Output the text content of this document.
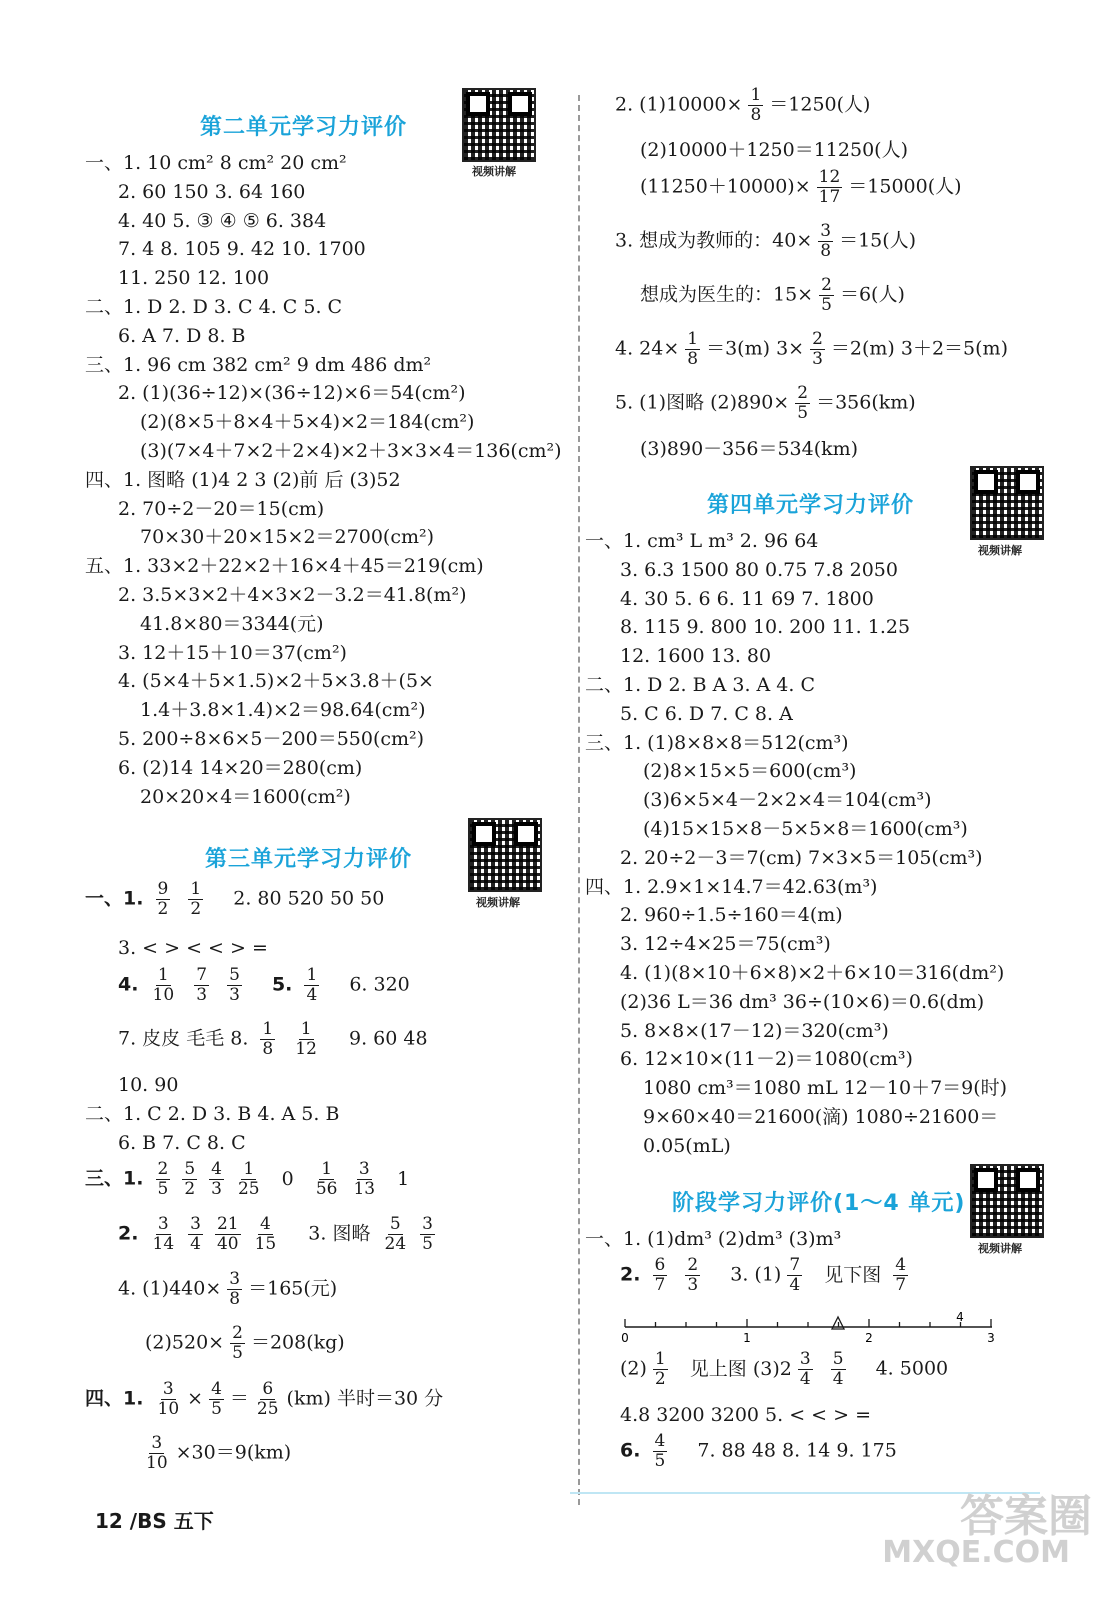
第二单元学习力评价
视频讲解
一、1. 10 cm² 8 cm² 20 cm²
2. 60 150 3. 64 160
4. 40 5. ③ ④ ⑤ 6. 384
7. 4 8. 105 9. 42 10. 1700
11. 250 12. 100
二、1. D 2. D 3. C 4. C 5. C
6. A 7. D 8. B
三、1. 96 cm 382 cm² 9 dm 486 dm²
2. (1)(36÷12)×(36÷12)×6＝54(cm²)
(2)(8×5＋8×4＋5×4)×2＝184(cm²)
(3)(7×4＋7×2＋2×4)×2＋3×3×4＝136(cm²)
四、1. 图略 (1)4 2 3 (2)前 后 (3)52
2. 70÷2－20＝15(cm)
70×30＋20×15×2＝2700(cm²)
五、1. 33×2＋22×2＋16×4＋45＝219(cm)
2. 3.5×3×2＋4×3×2－3.2＝41.8(m²)
41.8×80＝3344(元)
3. 12＋15＋10＝37(cm²)
4. (5×4＋5×1.5)×2＋5×3.8＋(5×
1.4＋3.8×1.4)×2＝98.64(cm²)
5. 200÷8×6×5－200＝550(cm²)
6. (2)14 14×20＝280(cm)
20×20×4＝1600(cm²)
第三单元学习力评价
视频讲解
一、1. $\frac{9}{2}$
$\frac{1}{2} 2$. 80 520 50 50
3. < > < < > =
4. $\frac{1}{10}$
$\frac{7}{3}$
$\frac{5}{3} 5$. $\frac{1}{4} 6$. 320
7. 皮皮 毛毛 8. $\frac{1}{8}$
$\frac{1}{12} 9$. 60 48
10. 90
二、1. C 2. D 3. B 4. A 5. B
6. B 7. C 8. C
三、1. $\frac{2}{5} \frac{5}{2} \frac{4}{3} \frac{1}{25} 0 \frac{1}{56} \frac{3}{13} 1$
2. $\frac{3}{14} \frac{3}{4} \frac{21}{40} \frac{4}{15} 3$. 图略 $\frac{5}{24} \frac{3}{5}$
4. $(1)440\times \frac{3}{8} =165$(元)
$(2)520\times \frac{2}{5} =208(kg)$
四、1. $\frac{3}{10} \times \frac{4}{5} = \frac{6}{25} (km)$ 半时＝30 分
$\frac{3}{10} \times 30=9(km)$
2. $(1)10000\times \frac{1}{8} =1250$(人)
(2)10000＋1250＝11250(人)
$(11250+10000)\times \frac{12}{17} =15000$(人)
3. 想成为教师的：$40\times \frac{3}{8} =15$(人)
想成为医生的：$15\times \frac{2}{5} =6$(人)
4. $24\times \frac{1}{8} =3(m)$ $3\times \frac{2}{3} =2(m)$ 3＋2＝5(m)
5. (1)图略 $(2)890\times \frac{2}{5} =356(km)$
(3)890－356＝534(km)
第四单元学习力评价
视频讲解
一、1. cm³ L m³ 2. 96 64
3. 6.3 1500 80 0.75 7.8 2050
4. 30 5. 6 6. 11 69 7. 1800
8. 115 9. 800 10. 200 11. 1.25
12. 1600 13. 80
二、1. D 2. B A 3. A 4. C
5. C 6. D 7. C 8. A
三、1. (1)8×8×8＝512(cm³)
(2)8×15×5＝600(cm³)
(3)6×5×4－2×2×4＝104(cm³)
(4)15×15×8－5×5×8＝1600(cm³)
2. 20÷2－3＝7(cm) 7×3×5＝105(cm³)
四、1. 2.9×1×14.7＝42.63(m³)
2. 960÷1.5÷160＝4(m)
3. 12÷4×25＝75(cm³)
4. (1)(8×10＋6×8)×2＋6×10＝316(dm²)
(2)36 L＝36 dm³ 36÷(10×6)＝0.6(dm)
5. 8×8×(17－12)＝320(cm³)
6. 12×10×(11－2)＝1080(cm³)
1080 cm³＝1080 mL 12－10＋7＝9(时)
9×60×40＝21600(滴) 1080÷21600＝
0.05(mL)
阶段学习力评价(1～4 单元)
视频讲解
一、1. (1)dm³ (2)dm³ (3)m³
2. $\frac{6}{7}$
$\frac{2}{3} 3$. $(1) \frac{7}{4}$ 见下图 $\frac{4}{7}$
0	1	2	3
4
$(2) \frac{1}{2}$ 见上图 $(3)2 \frac{3}{4}$
$\frac{5}{4} 4$. 5000
4.8 3200 3200 5. < < > =
6. $\frac{4}{5} 7$. 88 48 8. 14 9. 175
12 /BS 五下	答案圈
MXQE.COM
